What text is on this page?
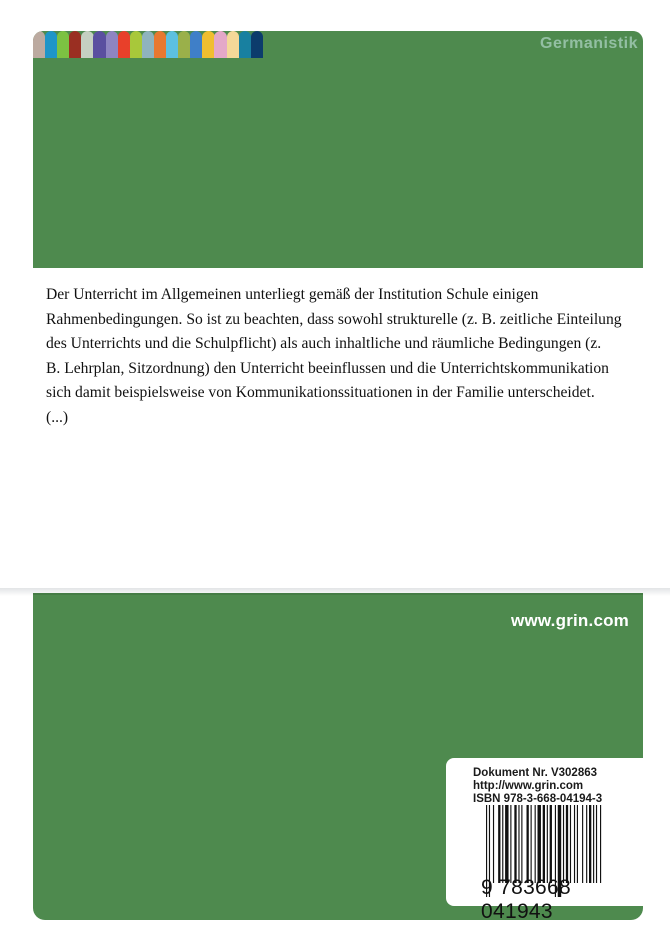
Germanistik
Der Unterricht im Allgemeinen unterliegt gemäß der Institution Schule einigen
Rahmenbedingungen. So ist zu beachten, dass sowohl strukturelle (z. B. zeitliche Einteilung
des Unterrichts und die Schulpflicht) als auch inhaltliche und räumliche Bedingungen (z.
B. Lehrplan, Sitzordnung) den Unterricht beeinflussen und die Unterrichtskommunikation
sich damit beispielsweise von Kommunikationssituationen in der Familie unterscheidet.
(...)
www.grin.com
Dokument Nr. V302863
http://www.grin.com
ISBN 978-3-668-04194-3
9 783668 041943
